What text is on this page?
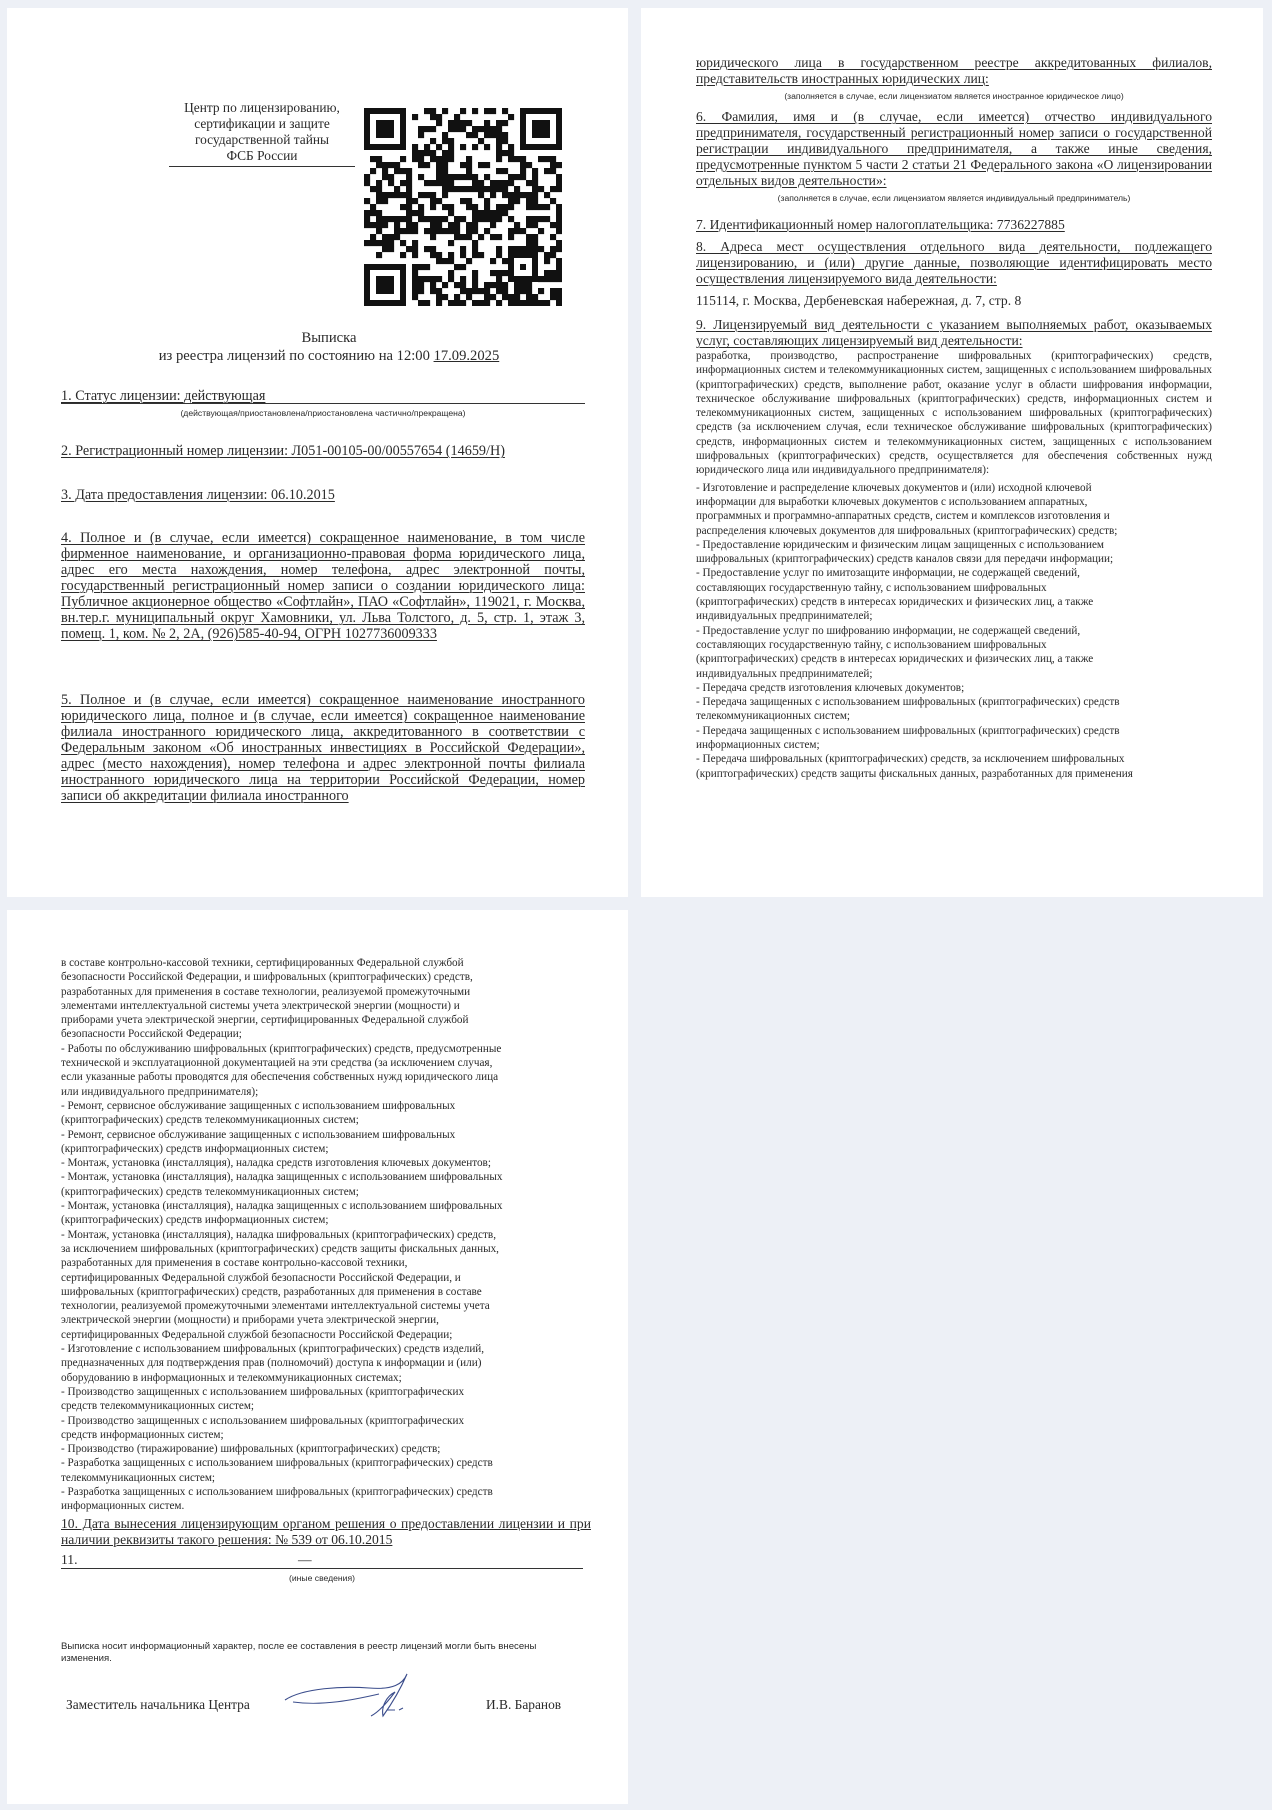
Центр по лицензированию,
сертификации и защите
государственной тайны
ФСБ России
Выписка
из реестра лицензий по состоянию на 12:00 17.09.2025
1. Статус лицензии: действующая
(действующая/приостановлена/приостановлена частично/прекращена)
2. Регистрационный номер лицензии: Л051-00105-00/00557654 (14659/Н)
3. Дата предоставления лицензии: 06.10.2015
4. Полное и (в случае, если имеется) сокращенное наименование, в том числе фирменное наименование, и организационно-правовая форма юридического лица, адрес его места нахождения, номер телефона, адрес электронной почты, государственный регистрационный номер записи о создании юридического лица: Публичное акционерное общество «Софтлайн», ПАО «Софтлайн», 119021, г. Москва, вн.тер.г. муниципальный округ Хамовники, ул. Льва Толстого, д. 5, стр. 1, этаж 3, помещ. 1, ком. № 2, 2А, (926)585-40-94, ОГРН 1027736009333
5. Полное и (в случае, если имеется) сокращенное наименование иностранного юридического лица, полное и (в случае, если имеется) сокращенное наименование филиала иностранного юридического лица, аккредитованного в соответствии с Федеральным законом «Об иностранных инвестициях в Российской Федерации», адрес (место нахождения), номер телефона и адрес электронной почты филиала иностранного юридического лица на территории Российской Федерации, номер записи об аккредитации филиала иностранного
юридического лица в государственном реестре аккредитованных филиалов, представительств иностранных юридических лиц:
(заполняется в случае, если лицензиатом является иностранное юридическое лицо)
6. Фамилия, имя и (в случае, если имеется) отчество индивидуального предпринимателя, государственный регистрационный номер записи о государственной регистрации индивидуального предпринимателя, а также иные сведения, предусмотренные пунктом 5 части 2 статьи 21 Федерального закона «О лицензировании отдельных видов деятельности»:
(заполняется в случае, если лицензиатом является индивидуальный предприниматель)
7. Идентификационный номер налогоплательщика: 7736227885
8. Адреса мест осуществления отдельного вида деятельности, подлежащего лицензированию, и (или) другие данные, позволяющие идентифицировать место осуществления лицензируемого вида деятельности:
115114, г. Москва, Дербеневская набережная, д. 7, стр. 8
9. Лицензируемый вид деятельности с указанием выполняемых работ, оказываемых услуг, составляющих лицензируемый вид деятельности:
разработка, производство, распространение шифровальных (криптографических) средств, информационных систем и телекоммуникационных систем, защищенных с использованием шифровальных (криптографических) средств, выполнение работ, оказание услуг в области шифрования информации, техническое обслуживание шифровальных (криптографических) средств, информационных систем и телекоммуникационных систем, защищенных с использованием шифровальных (криптографических) средств (за исключением случая, если техническое обслуживание шифровальных (криптографических) средств, информационных систем и телекоммуникационных систем, защищенных с использованием шифровальных (криптографических) средств, осуществляется для обеспечения собственных нужд юридического лица или индивидуального предпринимателя):
- Изготовление и распределение ключевых документов и (или) исходной ключевой
информации для выработки ключевых документов с использованием аппаратных,
программных и программно-аппаратных средств, систем и комплексов изготовления и
распределения ключевых документов для шифровальных (криптографических) средств;
- Предоставление юридическим и физическим лицам защищенных с использованием
шифровальных (криптографических) средств каналов связи для передачи информации;
- Предоставление услуг по имитозащите информации, не содержащей сведений,
составляющих государственную тайну, с использованием шифровальных
(криптографических) средств в интересах юридических и физических лиц, а также
индивидуальных предпринимателей;
- Предоставление услуг по шифрованию информации, не содержащей сведений,
составляющих государственную тайну, с использованием шифровальных
(криптографических) средств в интересах юридических и физических лиц, а также
индивидуальных предпринимателей;
- Передача средств изготовления ключевых документов;
- Передача защищенных с использованием шифровальных (криптографических) средств
телекоммуникационных систем;
- Передача защищенных с использованием шифровальных (криптографических) средств
информационных систем;
- Передача шифровальных (криптографических) средств, за исключением шифровальных
(криптографических) средств защиты фискальных данных, разработанных для применения
в составе контрольно-кассовой техники, сертифицированных Федеральной службой
безопасности Российской Федерации, и шифровальных (криптографических) средств,
разработанных для применения в составе технологии, реализуемой промежуточными
элементами интеллектуальной системы учета электрической энергии (мощности) и
приборами учета электрической энергии, сертифицированных Федеральной службой
безопасности Российской Федерации;
- Работы по обслуживанию шифровальных (криптографических) средств, предусмотренные
технической и эксплуатационной документацией на эти средства (за исключением случая,
если указанные работы проводятся для обеспечения собственных нужд юридического лица
или индивидуального предпринимателя);
- Ремонт, сервисное обслуживание защищенных с использованием шифровальных
(криптографических) средств телекоммуникационных систем;
- Ремонт, сервисное обслуживание защищенных с использованием шифровальных
(криптографических) средств информационных систем;
- Монтаж, установка (инсталляция), наладка средств изготовления ключевых документов;
- Монтаж, установка (инсталляция), наладка защищенных с использованием шифровальных
(криптографических) средств телекоммуникационных систем;
- Монтаж, установка (инсталляция), наладка защищенных с использованием шифровальных
(криптографических) средств информационных систем;
- Монтаж, установка (инсталляция), наладка шифровальных (криптографических) средств,
за исключением шифровальных (криптографических) средств защиты фискальных данных,
разработанных для применения в составе контрольно-кассовой техники,
сертифицированных Федеральной службой безопасности Российской Федерации, и
шифровальных (криптографических) средств, разработанных для применения в составе
технологии, реализуемой промежуточными элементами интеллектуальной системы учета
электрической энергии (мощности) и приборами учета электрической энергии,
сертифицированных Федеральной службой безопасности Российской Федерации;
- Изготовление с использованием шифровальных (криптографических) средств изделий,
предназначенных для подтверждения прав (полномочий) доступа к информации и (или)
оборудованию в информационных и телекоммуникационных системах;
- Производство защищенных с использованием шифровальных (криптографических
средств телекоммуникационных систем;
- Производство защищенных с использованием шифровальных (криптографических
средств информационных систем;
- Производство (тиражирование) шифровальных (криптографических) средств;
- Разработка защищенных с использованием шифровальных (криптографических) средств
телекоммуникационных систем;
- Разработка защищенных с использованием шифровальных (криптографических) средств
информационных систем.
10. Дата вынесения лицензирующим органом решения о предоставлении лицензии и при наличии реквизиты такого решения: № 539 от 06.10.2015
11.	—
(иные сведения)
Выписка носит информационный характер, после ее составления в реестр лицензий могли быть внесены изменения.
Заместитель начальника Центра	И.В. Баранов
